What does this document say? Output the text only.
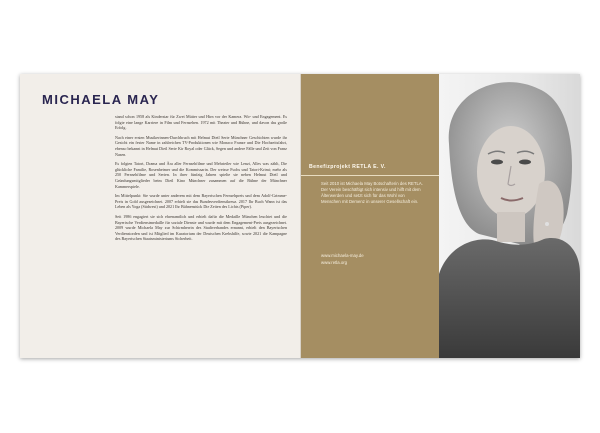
MICHAELA MAY

stand schon 1958 als Kinderstar für Zwei Mütter und Hirn vor der Kamera. Wir- und Engagement. Es folgte eine lange Karriere in Film und Fernsehen. 1972 mit Theater und Bühne, und davon das große Erfolg.

Nach einer ersten Musikerinnen-Durchbruch mit Helmut Dietl Serie Münchner Geschichten wurde ihr Gesicht ein fester Name in zahlreichen TV-Produktionen wie Monaco Franze und Die Hochzeitsfahrt, ebenso bekannt in Helmut Dietl Serie Kir Royal oder Glück, Segen und andere Fälle und Zeit von Franz Nasen.

Es folgten Tatort, Drama und Ära aller Fernsehfilme und Mehrteiler wie Lenzi, Alles was zählt, Die glückliche Familie, Rosenheimer und die Kommissarin. Der weisse Fuchs und Tatort-Krimi; mehr als 250 Fernsehfilme und Serien. In ihrer fünfzig Jahren spielte sie neben Helmut Dietl und Gründungsmitglieder beim Dietl Kino Münchner zusammen auf die Bühne der Münchner Kammerspiele.

Im Mittelpunkt: Sie wurde unter anderem mit dem Bayerischen Fernsehpreis und dem Adolf-Grimme-Preis in Gold ausgezeichnet. 2007 erhielt sie das Bundesverdienstkreuz. 2017 Ihr Buch Wann ist das Leben als Yoga (Südwest) und 2021 Ihr Bühnenstück Die Zeiten des Lichts (Piper).

Seit 1986 engagiert sie sich ehrenamtlich und erhielt dafür die Medaille München leuchtet und die Bayerische Verdienstmedaille für soziale Dienste und wurde mit dem Engagement-Preis ausgezeichnet. 2009 wurde Michaela May zur Schirmherrin des Stadtverbandes ernannt, erhielt den Bayerischen Verdienstorden und ist Mitglied im Kuratorium der Deutschen Krebshilfe, sowie 2021 die Kampagne des Bayerischen Staatsministeriums Sicherheit.

Benefizprojekt RETLA E. V.
Seit 2010 ist Michaela May Botschafterin des RETLA. Der Verein beschäftigt sich intensiv und hilft mit dem Älterwerden und setzt sich für das Wohl von Menschen mit Demenz in unserer Gesellschaft ein.
www.michaela-may.de
www.retla.org
